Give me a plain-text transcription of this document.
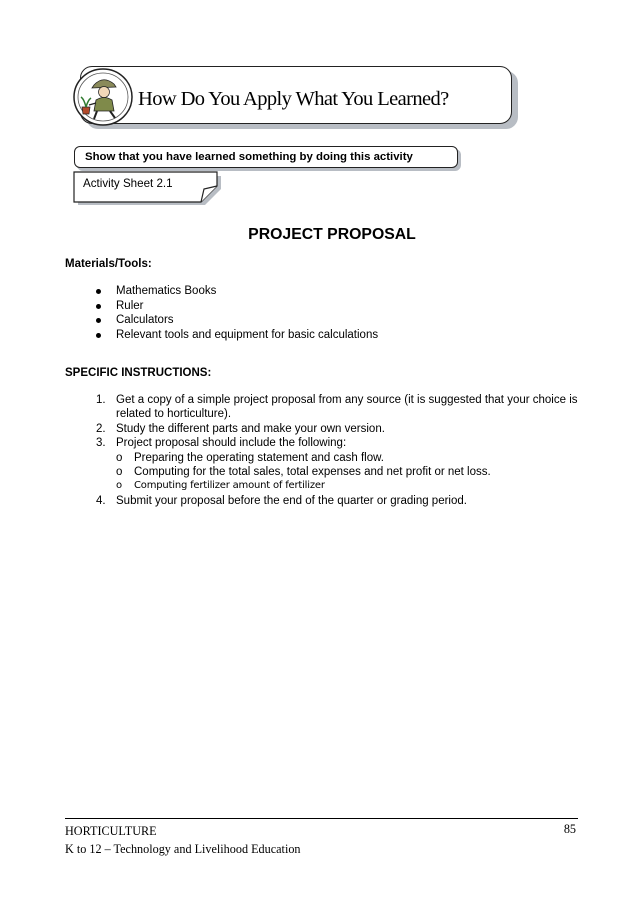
How Do You Apply What You Learned?
Show that you have learned something by doing this activity
Activity Sheet 2.1
PROJECT PROPOSAL
Materials/Tools:
Mathematics Books
Ruler
Calculators
Relevant tools and equipment for basic calculations
SPECIFIC INSTRUCTIONS:
1. Get a copy of a simple project proposal from any source (it is suggested that your choice is related to horticulture).
2. Study the different parts and make your own version.
3. Project proposal should include the following:
o Preparing the operating statement and cash flow.
o Computing for the total sales, total expenses and net profit or net loss.
o Computing fertilizer amount of fertilizer
4. Submit your proposal before the end of the quarter or grading period.
HORTICULTURE
K to 12 – Technology and Livelihood Education
85
